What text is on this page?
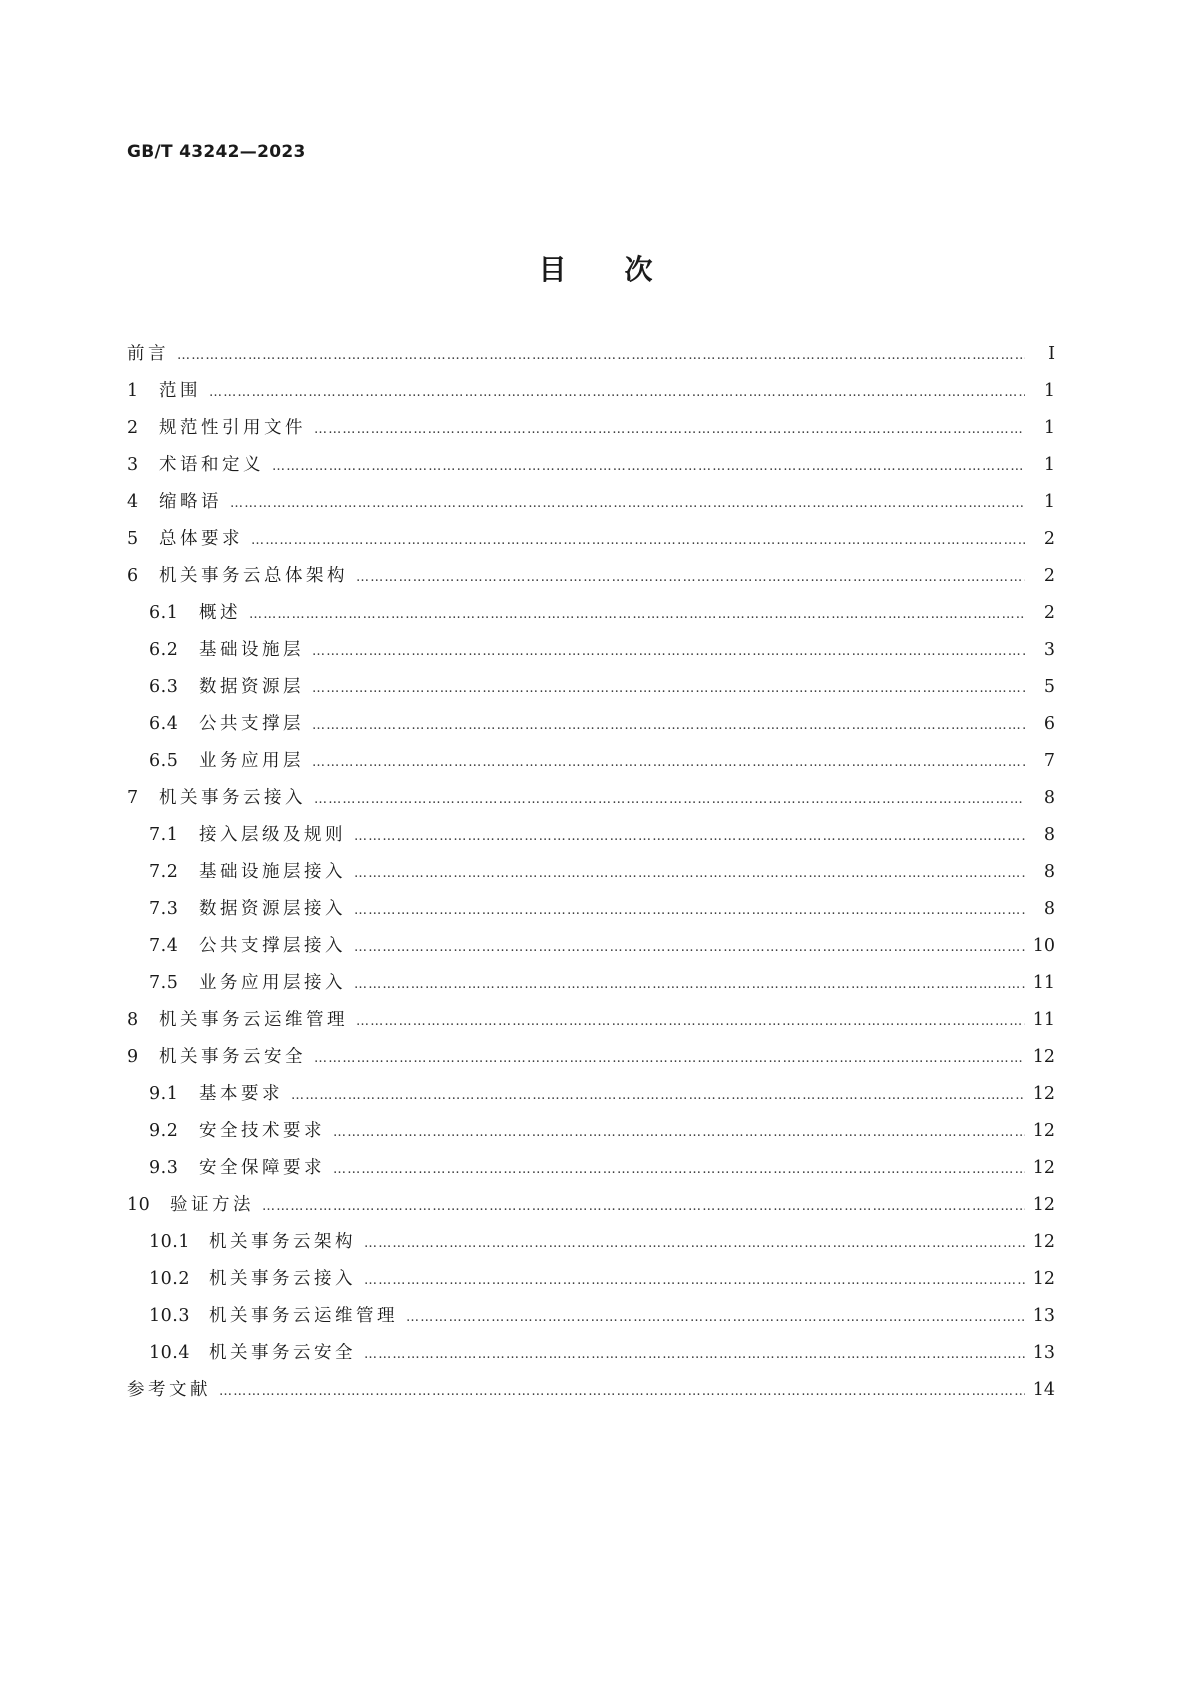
GB/T 43242—2023
目次
前言 ………………………………………………………………………………………………………………………………………………………………………………………………………	Ⅰ
1	范围 ………………………………………………………………………………………………………………………………………………………………………………………………………	1
2	规范性引用文件 ………………………………………………………………………………………………………………………………………………………………………………………………………	1
3	术语和定义 ………………………………………………………………………………………………………………………………………………………………………………………………………	1
4	缩略语 ………………………………………………………………………………………………………………………………………………………………………………………………………	1
5	总体要求 ………………………………………………………………………………………………………………………………………………………………………………………………………	2
6	机关事务云总体架构 ………………………………………………………………………………………………………………………………………………………………………………………………………	2
6.1	概述 ………………………………………………………………………………………………………………………………………………………………………………………………………	2
6.2	基础设施层 ………………………………………………………………………………………………………………………………………………………………………………………………………	3
6.3	数据资源层 ………………………………………………………………………………………………………………………………………………………………………………………………………	5
6.4	公共支撑层 ………………………………………………………………………………………………………………………………………………………………………………………………………	6
6.5	业务应用层 ………………………………………………………………………………………………………………………………………………………………………………………………………	7
7	机关事务云接入 ………………………………………………………………………………………………………………………………………………………………………………………………………	8
7.1	接入层级及规则 ………………………………………………………………………………………………………………………………………………………………………………………………………	8
7.2	基础设施层接入 ………………………………………………………………………………………………………………………………………………………………………………………………………	8
7.3	数据资源层接入 ………………………………………………………………………………………………………………………………………………………………………………………………………	8
7.4	公共支撑层接入 ………………………………………………………………………………………………………………………………………………………………………………………………………	10
7.5	业务应用层接入 ………………………………………………………………………………………………………………………………………………………………………………………………………	11
8	机关事务云运维管理 ………………………………………………………………………………………………………………………………………………………………………………………………………	11
9	机关事务云安全 ………………………………………………………………………………………………………………………………………………………………………………………………………	12
9.1	基本要求 ………………………………………………………………………………………………………………………………………………………………………………………………………	12
9.2	安全技术要求 ………………………………………………………………………………………………………………………………………………………………………………………………………	12
9.3	安全保障要求 ………………………………………………………………………………………………………………………………………………………………………………………………………	12
10	验证方法 ………………………………………………………………………………………………………………………………………………………………………………………………………	12
10.1	机关事务云架构 ………………………………………………………………………………………………………………………………………………………………………………………………………	12
10.2	机关事务云接入 ………………………………………………………………………………………………………………………………………………………………………………………………………	12
10.3	机关事务云运维管理 ………………………………………………………………………………………………………………………………………………………………………………………………………	13
10.4	机关事务云安全 ………………………………………………………………………………………………………………………………………………………………………………………………………	13
参考文献 ………………………………………………………………………………………………………………………………………………………………………………………………………	14
